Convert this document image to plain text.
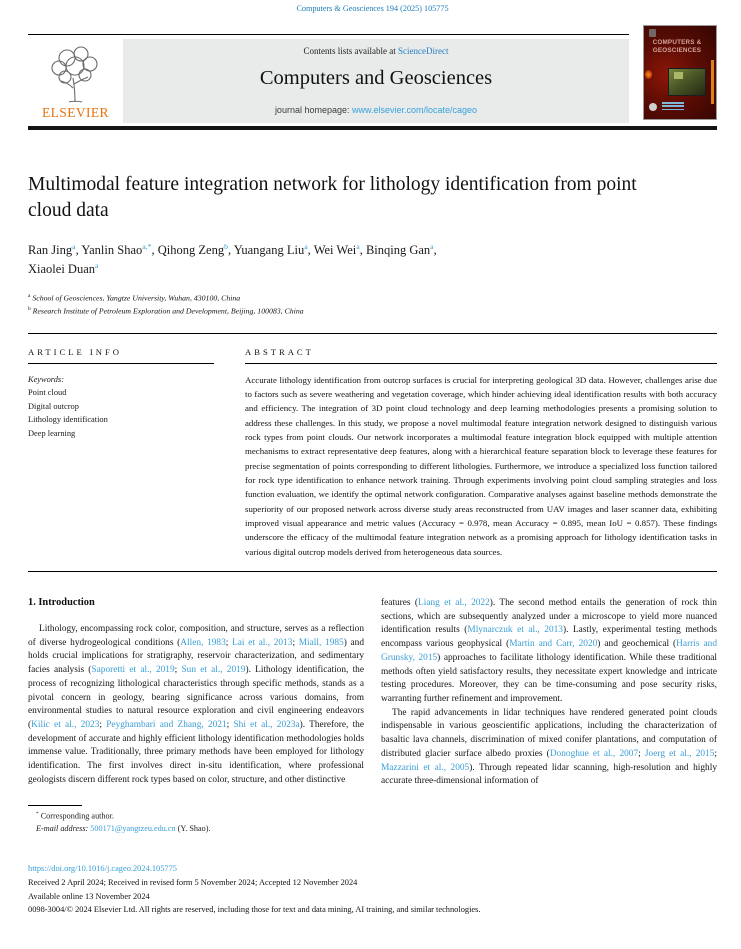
Computers & Geosciences 194 (2025) 105775
ELSEVIER
Contents lists available at ScienceDirect
Computers and Geosciences
journal homepage: www.elsevier.com/locate/cageo
COMPUTERS &
GEOSCIENCES
Multimodal feature integration network for lithology identification from point cloud data
Ran Jing$^a$, Yanlin Shao$^{a,*}$, Qihong Zeng$^b$, Yuangang Liu$^a$, Wei Wei$^a$, Binqing Gan$^a$,
Xiaolei Duan$^a$
$^a$ School of Geosciences, Yangtze University, Wuhan, 430100, China
$^b$ Research Institute of Petroleum Exploration and Development, Beijing, 100083, China
ARTICLE INFO
Keywords:
Point cloud
Digital outcrop
Lithology identification
Deep learning
ABSTRACT
Accurate lithology identification from outcrop surfaces is crucial for interpreting geological 3D data. However, challenges arise due to factors such as severe weathering and vegetation coverage, which hinder achieving ideal identification results with both accuracy and efficiency. The integration of 3D point cloud technology and deep learning methodologies presents a promising solution to address these challenges. In this study, we propose a novel multimodal feature integration network designed to distinguish various rock types from point clouds. Our network incorporates a multimodal feature integration block equipped with multiple attention mechanisms to extract representative deep features, along with a hierarchical feature separation block to leverage these features for precise segmentation of points corresponding to different lithologies. Furthermore, we introduce a specialized loss function tailored for rock type identification to enhance network training. Through experiments involving point cloud sampling strategies and loss function evaluation, we identify the optimal network configuration. Comparative analyses against baseline methods demonstrate the superiority of our proposed network across diverse study areas reconstructed from UAV images and laser scanner data, exhibiting improved visual appearance and metric values (Accuracy = 0.978, mean Accuracy = 0.895, mean IoU = 0.857). These findings underscore the efficacy of the multimodal feature integration network as a promising approach for lithology identification tasks in various digital outcrop models derived from heterogeneous data sources.
1. Introduction
Lithology, encompassing rock color, composition, and structure, serves as a reflection of diverse hydrogeological conditions (Allen, 1983; Lai et al., 2013; Miall, 1985) and holds crucial implications for stratigraphy, reservoir characterization, and sedimentary facies analysis (Saporetti et al., 2019; Sun et al., 2019). Lithology identification, the process of recognizing lithological characteristics through specific methods, stands as a pivotal concern in geology, bearing significance across various domains, from environmental studies to natural resource exploration and civil engineering endeavors (Kilic et al., 2023; Peyghambari and Zhang, 2021; Shi et al., 2023a). Therefore, the development of accurate and highly efficient lithology identification methodologies holds immense value. Traditionally, three primary methods have been employed for lithology identification. The first involves direct in-situ identification, where professional geologists discern different rock types based on color, structure, and other distinctive
* Corresponding author.
E-mail address: 500171@yangtzeu.edu.cn (Y. Shao).
features (Liang et al., 2022). The second method entails the generation of rock thin sections, which are subsequently analyzed under a microscope to yield more nuanced identification results (Mlynarczuk et al., 2013). Lastly, experimental testing methods encompass various geophysical (Martin and Carr, 2020) and geochemical (Harris and Grunsky, 2015) approaches to facilitate lithology identification. While these traditional methods often yield satisfactory results, they necessitate expert knowledge and intricate testing procedures. Moreover, they can be time-consuming and pose security risks, warranting further refinement and improvement.
The rapid advancements in lidar techniques have rendered generated point clouds indispensable in various geoscientific applications, including the characterization of basaltic lava channels, discrimination of mixed conifer plantations, and computation of distributed glacier surface albedo proxies (Donoghue et al., 2007; Joerg et al., 2015; Mazzarini et al., 2005). Through repeated lidar scanning, high-resolution and highly accurate three-dimensional information of
https://doi.org/10.1016/j.cageo.2024.105775
Received 2 April 2024; Received in revised form 5 November 2024; Accepted 12 November 2024
Available online 13 November 2024
0098-3004/© 2024 Elsevier Ltd. All rights are reserved, including those for text and data mining, AI training, and similar technologies.
